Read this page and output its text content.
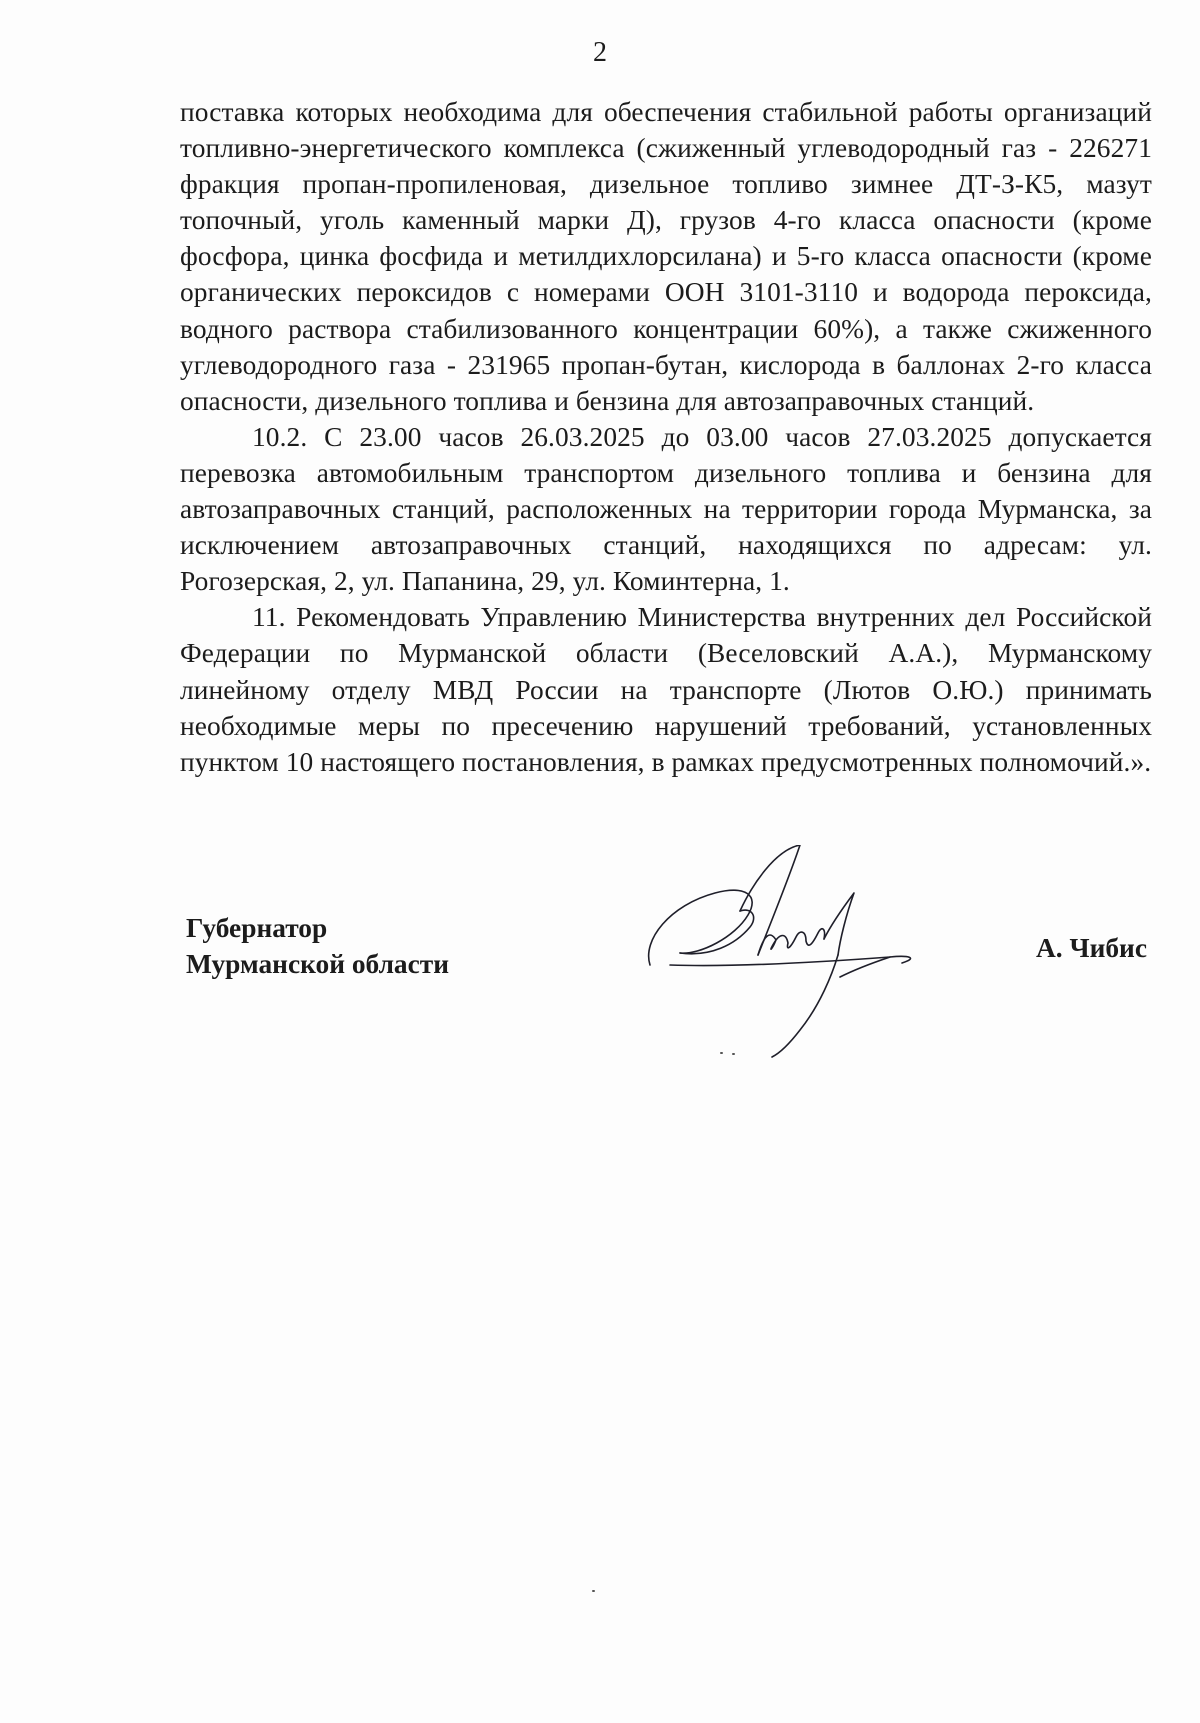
2

поставка которых необходима для обеспечения стабильной работы организаций топливно-энергетического комплекса (сжиженный углеводородный газ - 226271 фракция пропан-пропиленовая, дизельное топливо зимнее ДТ-З-К5, мазут топочный, уголь каменный марки Д), грузов 4-го класса опасности (кроме фосфора, цинка фосфида и метилдихлорсилана) и 5-го класса опасности (кроме органических пероксидов с номерами ООН 3101-3110 и водорода пероксида, водного раствора стабилизованного концентрации 60%), а также сжиженного углеводородного газа - 231965 пропан-бутан, кислорода в баллонах 2-го класса опасности, дизельного топлива и бензина для автозаправочных станций.

10.2. С 23.00 часов 26.03.2025 до 03.00 часов 27.03.2025 допускается перевозка автомобильным транспортом дизельного топлива и бензина для автозаправочных станций, расположенных на территории города Мурманска, за исключением автозаправочных станций, находящихся по адресам: ул. Рогозерская, 2, ул. Папанина, 29, ул. Коминтерна, 1.

11. Рекомендовать Управлению Министерства внутренних дел Российской Федерации по Мурманской области (Веселовский А.А.), Мурманскому линейному отделу МВД России на транспорте (Лютов О.Ю.) принимать необходимые меры по пресечению нарушений требований, установленных пунктом 10 настоящего постановления, в рамках предусмотренных полномочий.».

Губернатор
Мурманской области
А. Чибис
